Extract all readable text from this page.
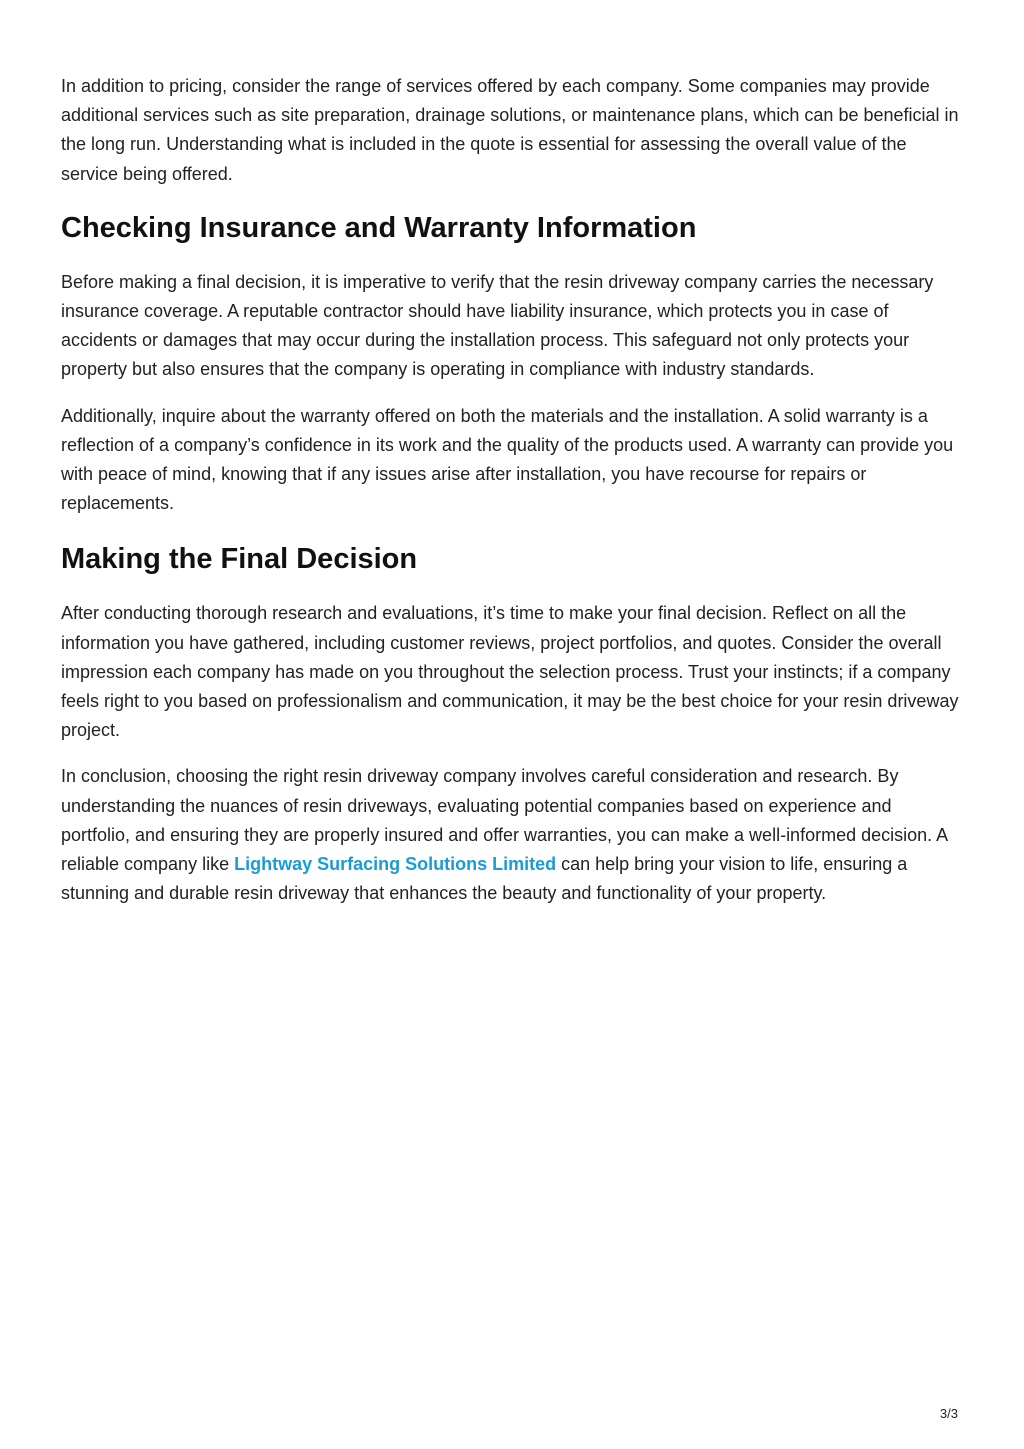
In addition to pricing, consider the range of services offered by each company. Some companies may provide additional services such as site preparation, drainage solutions, or maintenance plans, which can be beneficial in the long run. Understanding what is included in the quote is essential for assessing the overall value of the service being offered.

Checking Insurance and Warranty Information

Before making a final decision, it is imperative to verify that the resin driveway company carries the necessary insurance coverage. A reputable contractor should have liability insurance, which protects you in case of accidents or damages that may occur during the installation process. This safeguard not only protects your property but also ensures that the company is operating in compliance with industry standards.

Additionally, inquire about the warranty offered on both the materials and the installation. A solid warranty is a reflection of a company’s confidence in its work and the quality of the products used. A warranty can provide you with peace of mind, knowing that if any issues arise after installation, you have recourse for repairs or replacements.

Making the Final Decision

After conducting thorough research and evaluations, it’s time to make your final decision. Reflect on all the information you have gathered, including customer reviews, project portfolios, and quotes. Consider the overall impression each company has made on you throughout the selection process. Trust your instincts; if a company feels right to you based on professionalism and communication, it may be the best choice for your resin driveway project.

In conclusion, choosing the right resin driveway company involves careful consideration and research. By understanding the nuances of resin driveways, evaluating potential companies based on experience and portfolio, and ensuring they are properly insured and offer warranties, you can make a well-informed decision. A reliable company like Lightway Surfacing Solutions Limited can help bring your vision to life, ensuring a stunning and durable resin driveway that enhances the beauty and functionality of your property.

3/3
